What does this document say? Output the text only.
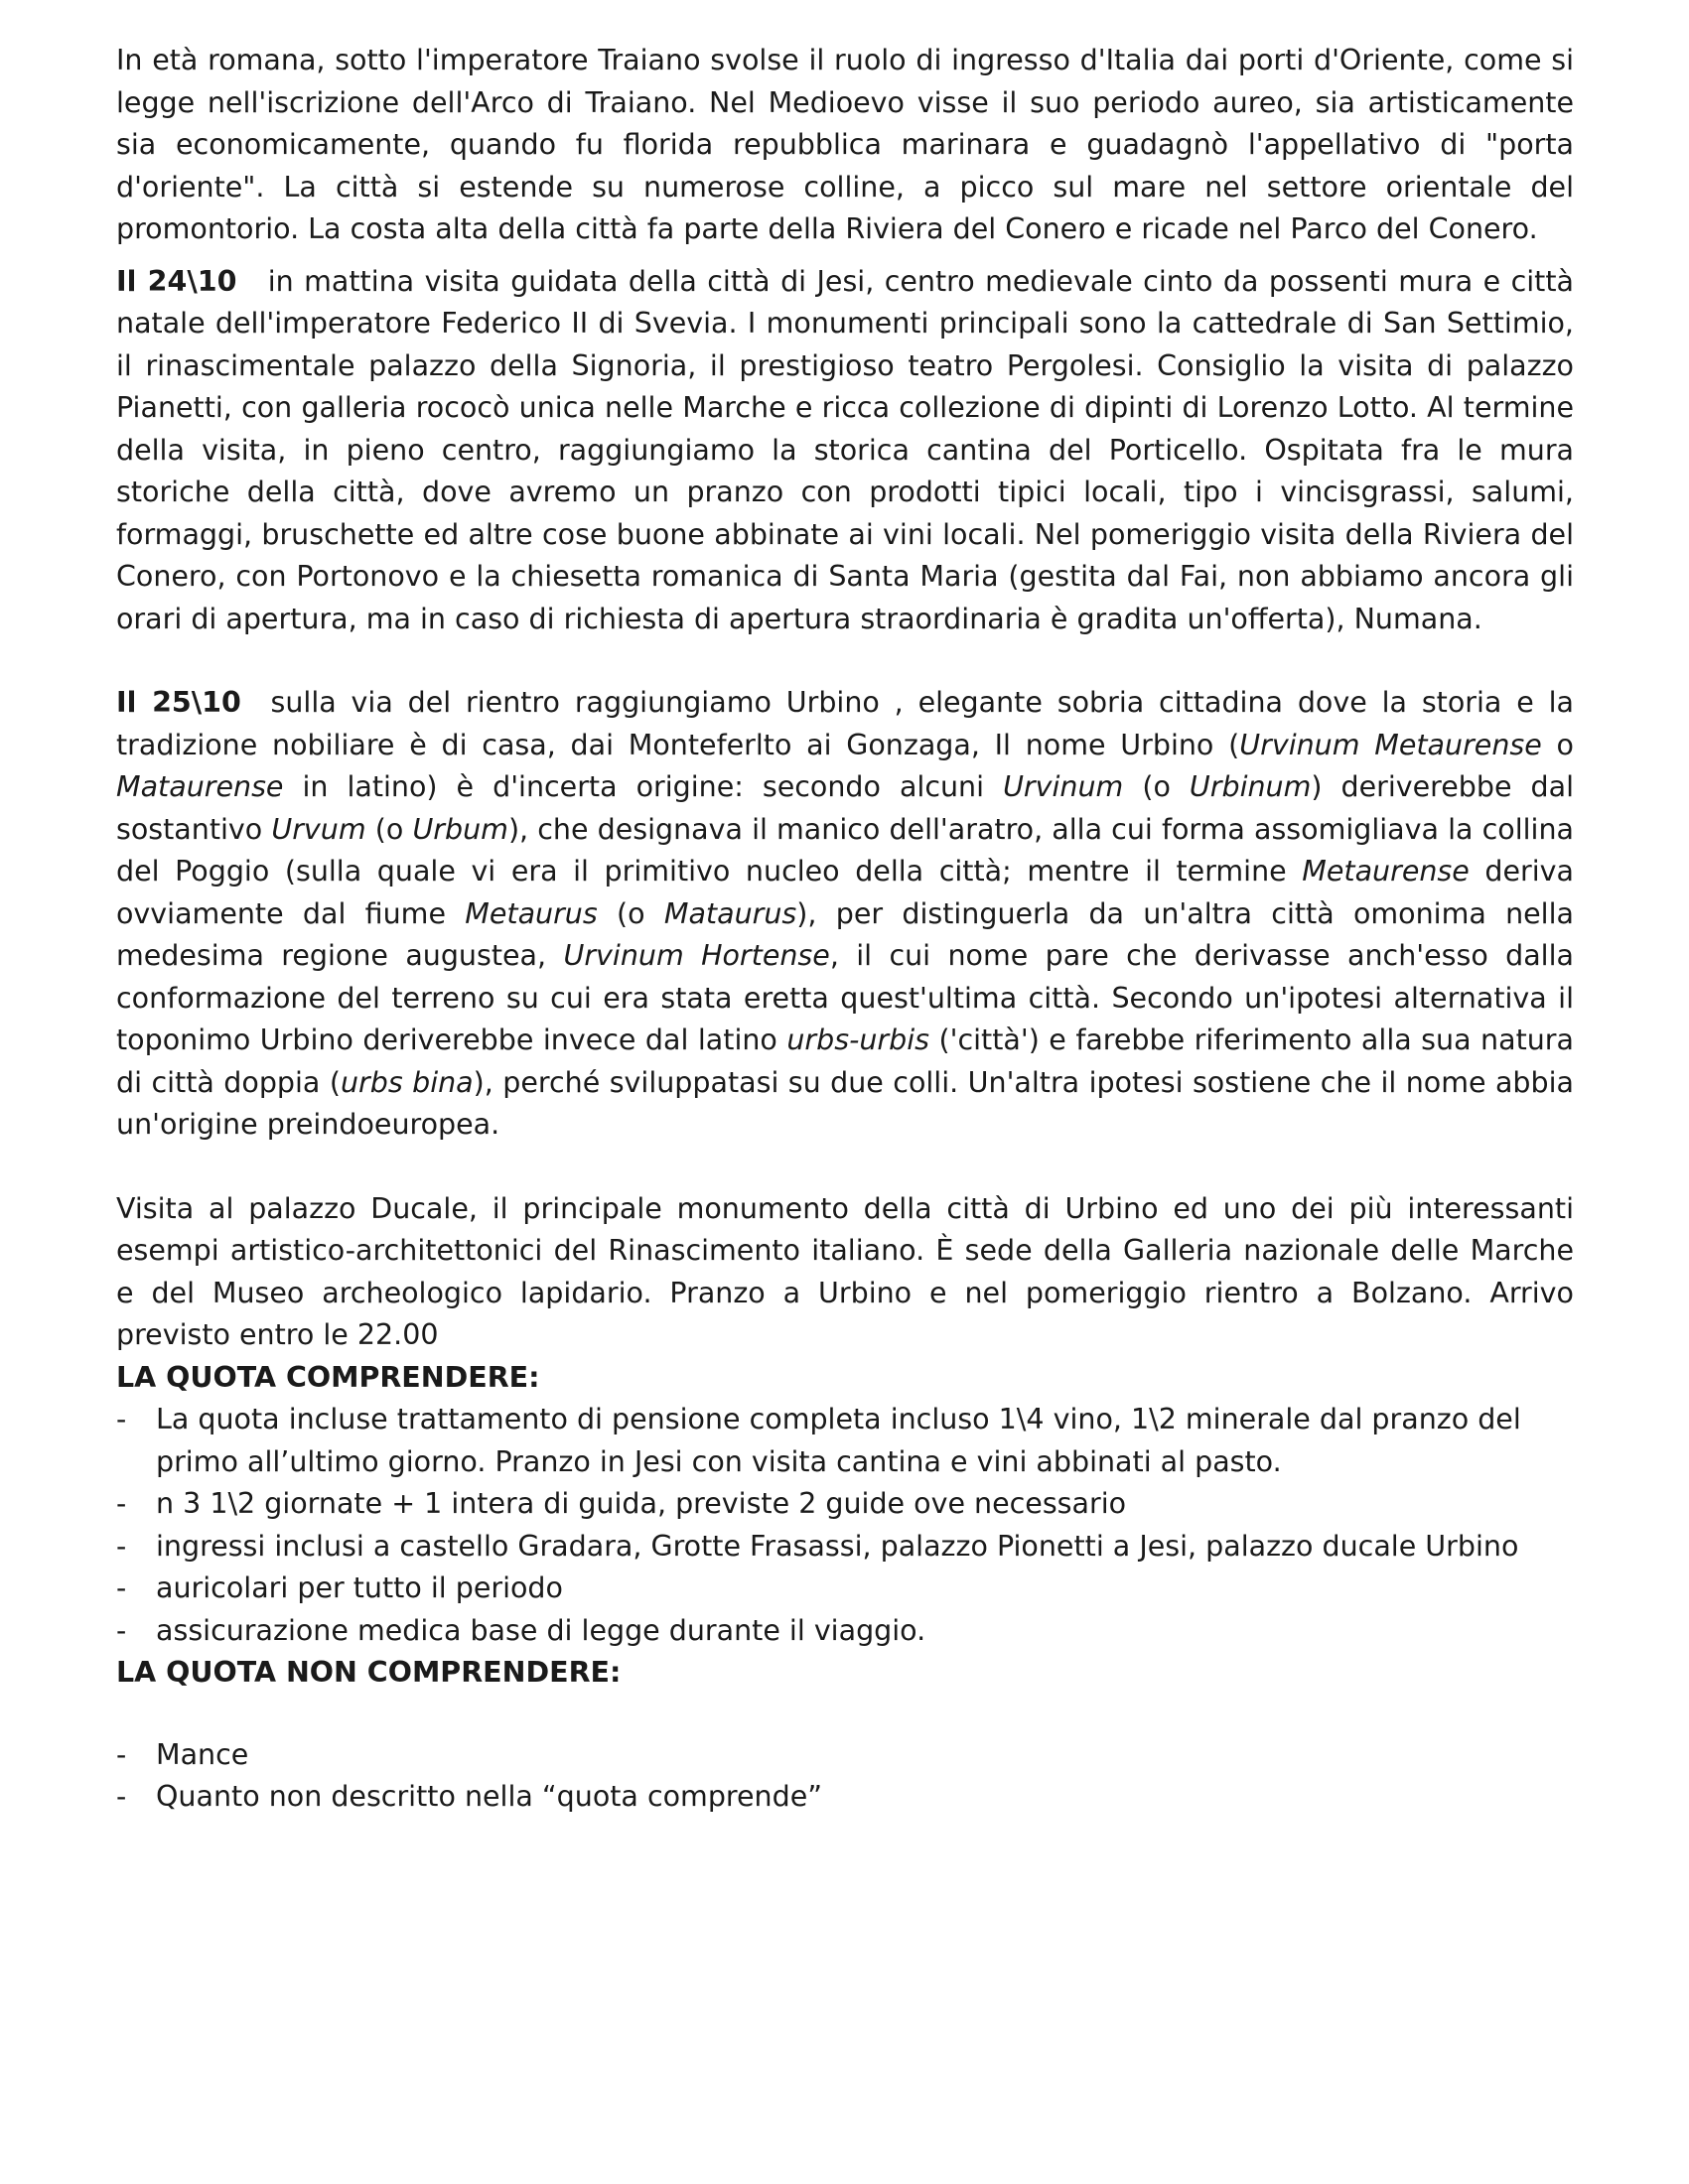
In età romana, sotto l'imperatore Traiano svolse il ruolo di ingresso d'Italia dai porti d'Oriente, come si legge nell'iscrizione dell'Arco di Traiano. Nel Medioevo visse il suo periodo aureo, sia artisticamente sia economicamente, quando fu florida repubblica marinara e guadagnò l'appellativo di "porta d'oriente". La città si estende su numerose colline, a picco sul mare nel settore orientale del promontorio. La costa alta della città fa parte della Riviera del Conero e ricade nel Parco del Conero.

Il 24\10 in mattina visita guidata della città di Jesi, centro medievale cinto da possenti mura e città natale dell'imperatore Federico II di Svevia. I monumenti principali sono la cattedrale di San Settimio, il rinascimentale palazzo della Signoria, il prestigioso teatro Pergolesi. Consiglio la visita di palazzo Pianetti, con galleria rococò unica nelle Marche e ricca collezione di dipinti di Lorenzo Lotto. Al termine della visita, in pieno centro, raggiungiamo la storica cantina del Porticello. Ospitata fra le mura storiche della città, dove avremo un pranzo con prodotti tipici locali, tipo i vincisgrassi, salumi, formaggi, bruschette ed altre cose buone abbinate ai vini locali. Nel pomeriggio visita della Riviera del Conero, con Portonovo e la chiesetta romanica di Santa Maria (gestita dal Fai, non abbiamo ancora gli orari di apertura, ma in caso di richiesta di apertura straordinaria è gradita un'offerta), Numana.

Il 25\10 sulla via del rientro raggiungiamo Urbino , elegante sobria cittadina dove la storia e la tradizione nobiliare è di casa, dai Monteferlto ai Gonzaga, Il nome Urbino (Urvinum Metaurense o Mataurense in latino) è d'incerta origine: secondo alcuni Urvinum (o Urbinum) deriverebbe dal sostantivo Urvum (o Urbum), che designava il manico dell'aratro, alla cui forma assomigliava la collina del Poggio (sulla quale vi era il primitivo nucleo della città; mentre il termine Metaurense deriva ovviamente dal fiume Metaurus (o Mataurus), per distinguerla da un'altra città omonima nella medesima regione augustea, Urvinum Hortense, il cui nome pare che derivasse anch'esso dalla conformazione del terreno su cui era stata eretta quest'ultima città. Secondo un'ipotesi alternativa il toponimo Urbino deriverebbe invece dal latino urbs-urbis ('città') e farebbe riferimento alla sua natura di città doppia (urbs bina), perché sviluppatasi su due colli. Un'altra ipotesi sostiene che il nome abbia un'origine preindoeuropea.

Visita al palazzo Ducale, il principale monumento della città di Urbino ed uno dei più interessanti esempi artistico-architettonici del Rinascimento italiano. È sede della Galleria nazionale delle Marche e del Museo archeologico lapidario. Pranzo a Urbino e nel pomeriggio rientro a Bolzano. Arrivo previsto entro le 22.00

LA QUOTA COMPRENDERE:

- La quota incluse trattamento di pensione completa incluso 1\4 vino, 1\2 minerale dal pranzo del primo all’ultimo giorno. Pranzo in Jesi con visita cantina e vini abbinati al pasto.
- n 3 1\2 giornate + 1 intera di guida, previste 2 guide ove necessario
- ingressi inclusi a castello Gradara, Grotte Frasassi, palazzo Pionetti a Jesi, palazzo ducale Urbino
- auricolari per tutto il periodo
- assicurazione medica base di legge durante il viaggio.

LA QUOTA NON COMPRENDERE:

- Mance
- Quanto non descritto nella “quota comprende”
